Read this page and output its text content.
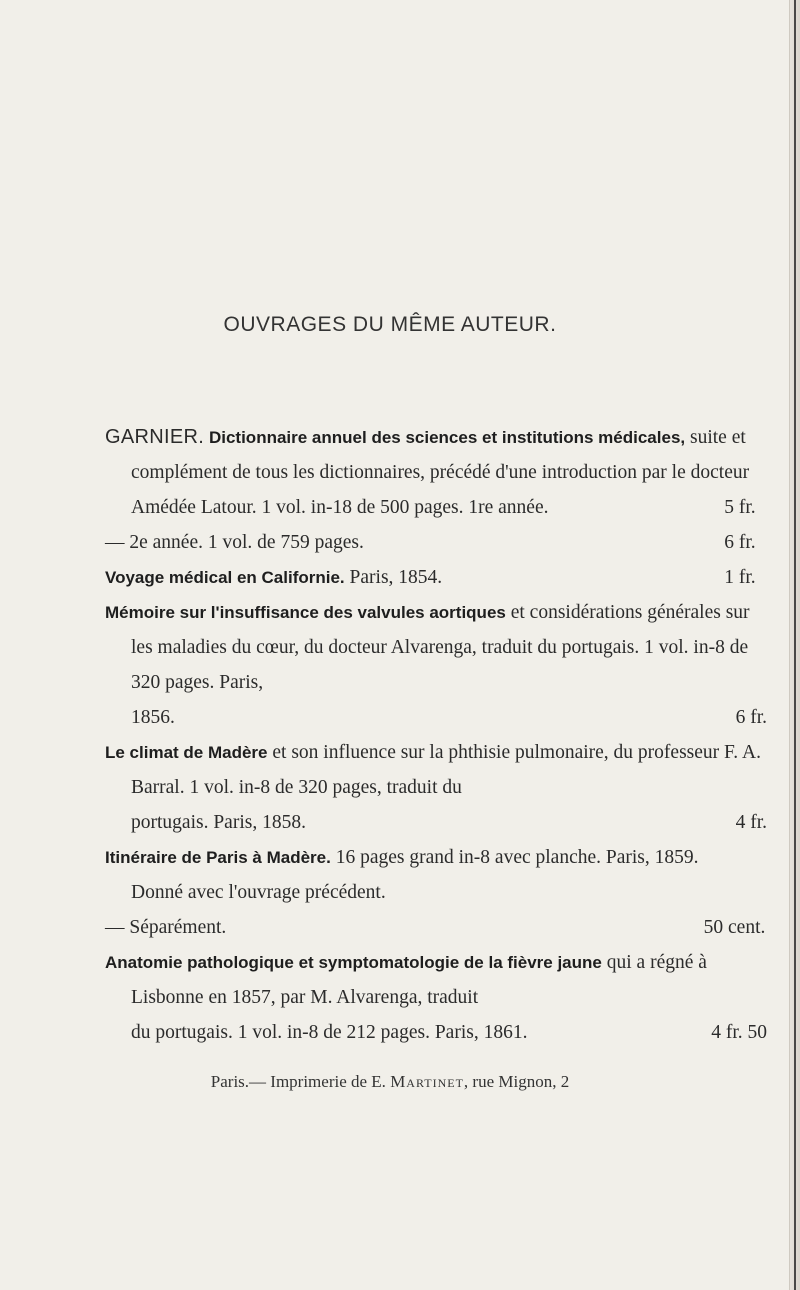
OUVRAGES DU MÊME AUTEUR.

GARNIER. Dictionnaire annuel des sciences et institutions médicales, suite et complément de tous les dictionnaires, précédé d'une introduction par le docteur Amédée Latour. 1 vol. in-18 de 500 pages. 1re année.	5 fr.

— 2e année. 1 vol. de 759 pages.	6 fr.
Voyage médical en Californie. Paris, 1854.	1 fr.

Mémoire sur l'insuffisance des valvules aortiques et considérations générales sur les maladies du cœur, du docteur Alvarenga, traduit du portugais. 1 vol. in-8 de 320 pages. Paris,

1856.	6 fr.

Le climat de Madère et son influence sur la phthisie pulmonaire, du professeur F. A. Barral. 1 vol. in-8 de 320 pages, traduit du

portugais. Paris, 1858.	4 fr.

Itinéraire de Paris à Madère. 16 pages grand in-8 avec planche. Paris, 1859.

Donné avec l'ouvrage précédent.
— Séparément.	50 cent.

Anatomie pathologique et symptomatologie de la fièvre jaune qui a régné à Lisbonne en 1857, par M. Alvarenga, traduit

du portugais. 1 vol. in-8 de 212 pages. Paris, 1861.	4 fr. 50
Paris.— Imprimerie de E. Martinet, rue Mignon, 2
